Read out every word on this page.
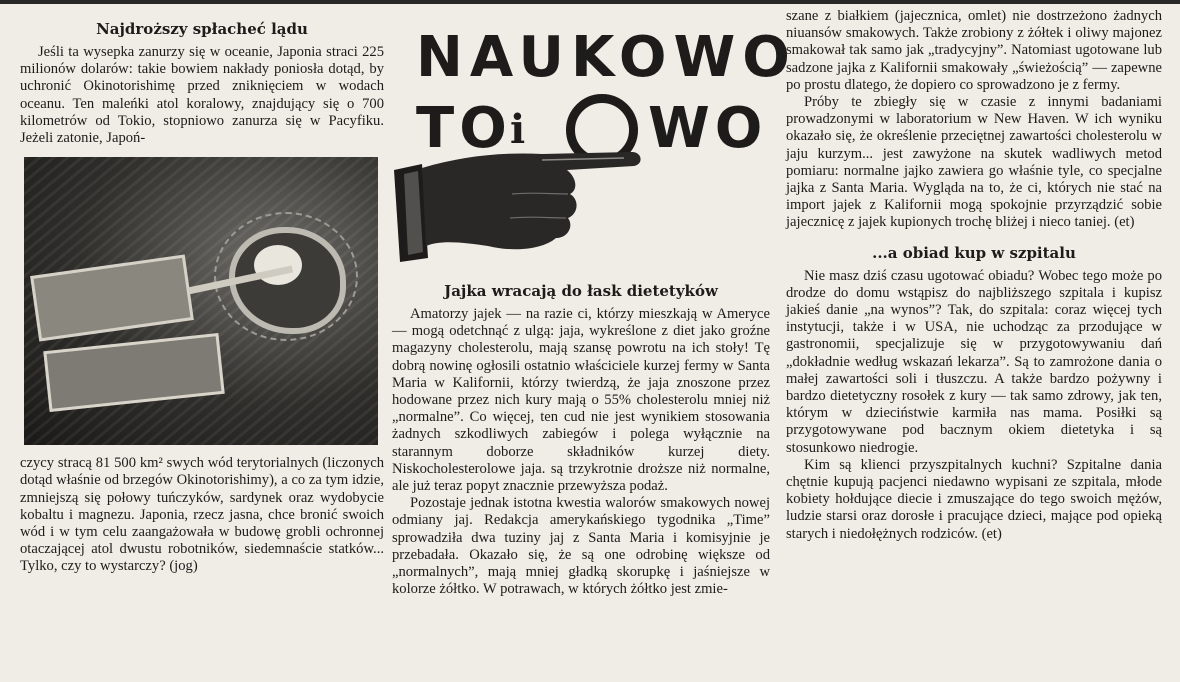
Najdroższy spłacheć lądu

Jeśli ta wysepka zanurzy się w oceanie, Japonia straci 225 milionów dolarów: takie bowiem nakłady poniosła dotąd, by uchronić Okinotorishimę przed zniknięciem w wodach oceanu. Ten maleńki atol koralowy, znajdujący się o 700 kilometrów od Tokio, stopniowo zanurza się w Pacyfiku. Jeżeli zatonie, Japoń-

czycy stracą 81 500 km² swych wód terytorialnych (liczonych dotąd właśnie od brzegów Okinotorishimy), a co za tym idzie, zmniejszą się połowy tuńczyków, sardynek oraz wydobycie kobaltu i magnezu. Japonia, rzecz jasna, chce bronić swoich wód i w tym celu zaangażowała w budowę grobli ochronnej otaczającej atol dwustu robotników, siedemnaście statków... Tylko, czy to wystarczy? (jog)

NAUKOWO
TO
i WO
Jajka wracają do łask dietetyków

Amatorzy jajek — na razie ci, którzy mieszkają w Ameryce — mogą odetchnąć z ulgą: jaja, wykreślone z diet jako groźne magazyny cholesterolu, mają szansę powrotu na ich stoły! Tę dobrą nowinę ogłosili ostatnio właściciele kurzej fermy w Santa Maria w Kalifornii, którzy twierdzą, że jaja znoszone przez hodowane przez nich kury mają o 55% cholesterolu mniej niż „normalne”. Co więcej, ten cud nie jest wynikiem stosowania żadnych szkodliwych zabiegów i polega wyłącznie na starannym doborze składników kurzej diety. Niskocholesterolowe jaja. są trzykrotnie droższe niż normalne, ale już teraz popyt znacznie przewyższa podaż.

Pozostaje jednak istotna kwestia walorów smakowych nowej odmiany jaj. Redakcja amerykańskiego tygodnika „Time” sprowadziła dwa tuziny jaj z Santa Maria i komisyjnie je przebadała. Okazało się, że są one odrobinę większe od „normalnych”, mają mniej gładką skorupkę i jaśniejsze w kolorze żółtko. W potrawach, w których żółtko jest zmie-

szane z białkiem (jajecznica, omlet) nie dostrzeżono żadnych niuansów smakowych. Także zrobiony z żółtek i oliwy majonez smakował tak samo jak „tradycyjny”. Natomiast ugotowane lub sadzone jajka z Kalifornii smakowały „świeżością” — zapewne po prostu dlatego, że dopiero co sprowadzono je z fermy.

Próby te zbiegły się w czasie z innymi badaniami prowadzonymi w laboratorium w New Haven. W ich wyniku okazało się, że określenie przeciętnej zawartości cholesterolu w jaju kurzym... jest zawyżone na skutek wadliwych metod pomiaru: normalne jajko zawiera go właśnie tyle, co specjalne jajka z Santa Maria. Wygląda na to, że ci, których nie stać na import jajek z Kalifornii mogą spokojnie przyrządzić sobie jajecznicę z jajek kupionych trochę bliżej i nieco taniej. (et)

...a obiad kup w szpitalu

Nie masz dziś czasu ugotować obiadu? Wobec tego może po drodze do domu wstąpisz do najbliższego szpitala i kupisz jakieś danie „na wynos”? Tak, do szpitala: coraz więcej tych instytucji, także i w USA, nie uchodząc za przodujące w gastronomii, specjalizuje się w przygotowywaniu dań „dokładnie według wskazań lekarza”. Są to zamrożone dania o małej zawartości soli i tłuszczu. A także bardzo pożywny i bardzo dietetyczny rosołek z kury — tak samo zdrowy, jak ten, którym w dzieciństwie karmiła nas mama. Posiłki są przygotowywane pod bacznym okiem dietetyka i są stosunkowo niedrogie.

Kim są klienci przyszpitalnych kuchni? Szpitalne dania chętnie kupują pacjenci niedawno wypisani ze szpitala, młode kobiety hołdujące diecie i zmuszające do tego swoich mężów, ludzie starsi oraz dorosłe i pracujące dzieci, mające pod opieką starych i niedołężnych rodziców. (et)
